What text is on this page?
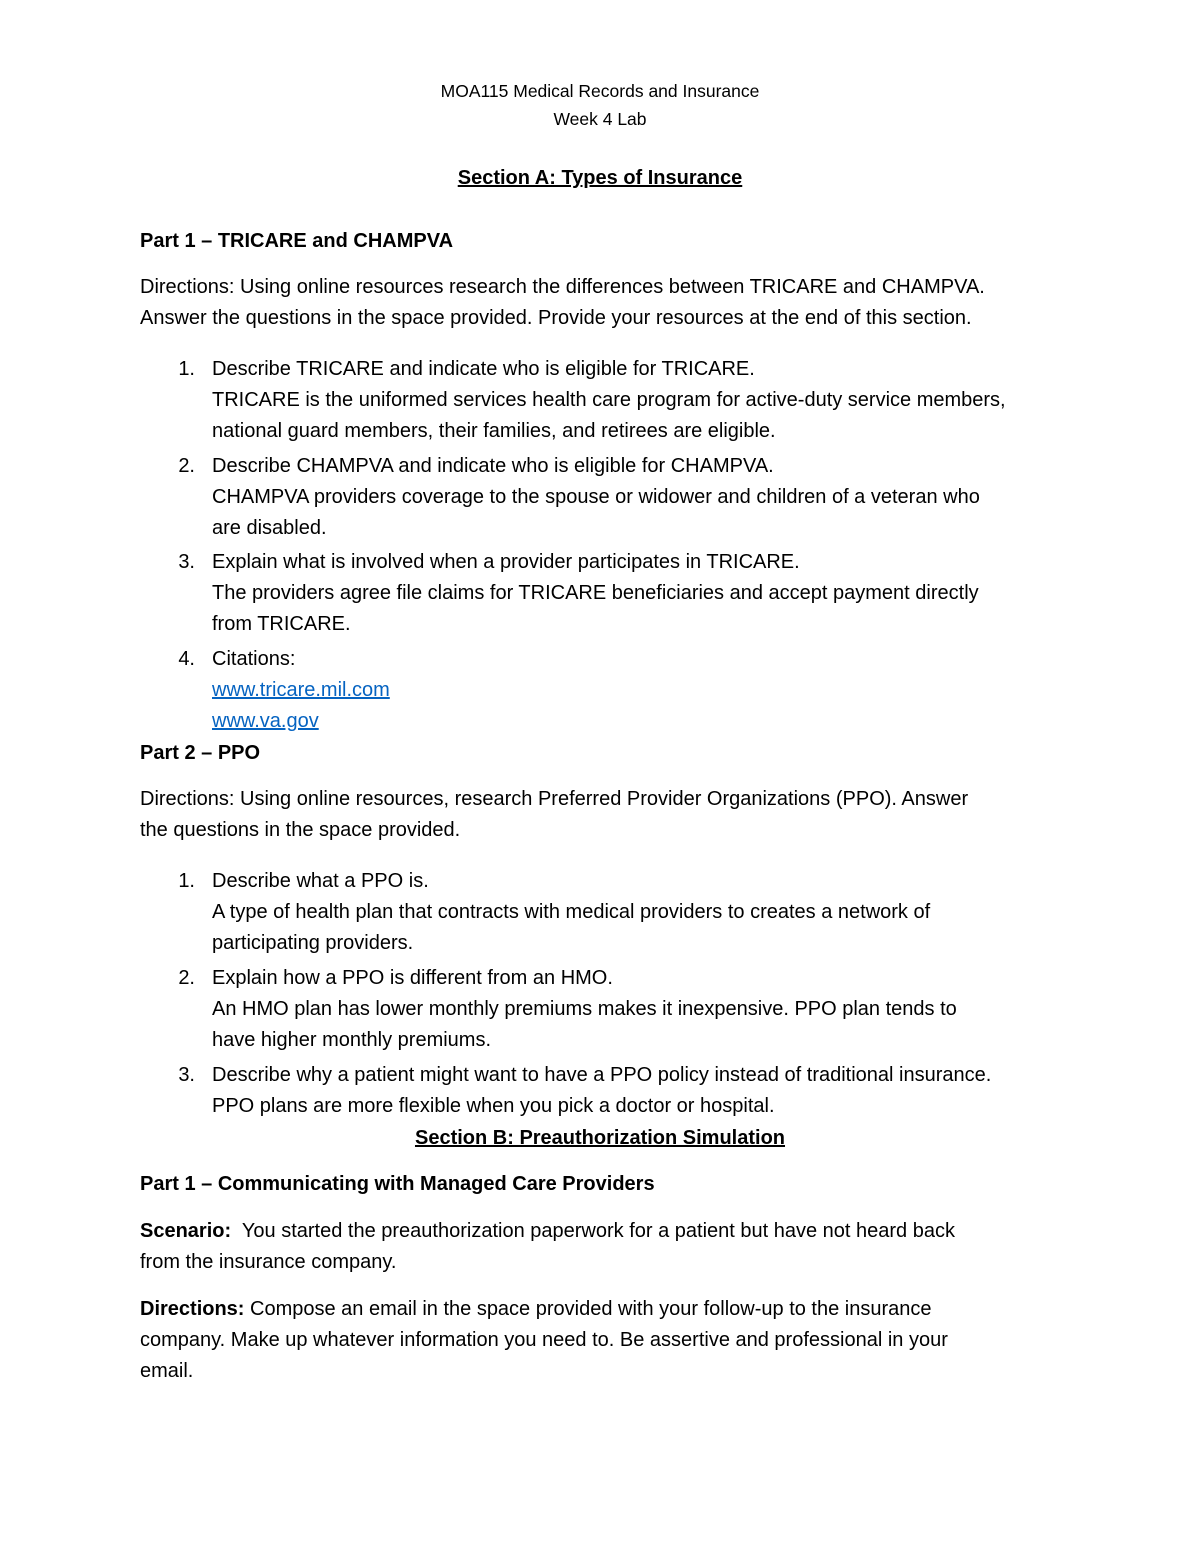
MOA115 Medical Records and Insurance
Week 4 Lab
Section A: Types of Insurance
Part 1 – TRICARE and CHAMPVA
Directions: Using online resources research the differences between TRICARE and CHAMPVA.
Answer the questions in the space provided. Provide your resources at the end of this section.
1. Describe TRICARE and indicate who is eligible for TRICARE.
TRICARE is the uniformed services health care program for active-duty service members,
national guard members, their families, and retirees are eligible.
2. Describe CHAMPVA and indicate who is eligible for CHAMPVA.
CHAMPVA providers coverage to the spouse or widower and children of a veteran who
are disabled.
3. Explain what is involved when a provider participates in TRICARE.
The providers agree file claims for TRICARE beneficiaries and accept payment directly
from TRICARE.
4. Citations:
www.tricare.mil.com
www.va.gov
Part 2 – PPO
Directions: Using online resources, research Preferred Provider Organizations (PPO). Answer
the questions in the space provided.
1. Describe what a PPO is.
A type of health plan that contracts with medical providers to creates a network of
participating providers.
2. Explain how a PPO is different from an HMO.
An HMO plan has lower monthly premiums makes it inexpensive. PPO plan tends to
have higher monthly premiums.
3. Describe why a patient might want to have a PPO policy instead of traditional insurance.
PPO plans are more flexible when you pick a doctor or hospital.
Section B: Preauthorization Simulation
Part 1 – Communicating with Managed Care Providers
Scenario:  You started the preauthorization paperwork for a patient but have not heard back
from the insurance company.
Directions: Compose an email in the space provided with your follow-up to the insurance
company. Make up whatever information you need to. Be assertive and professional in your
email.
